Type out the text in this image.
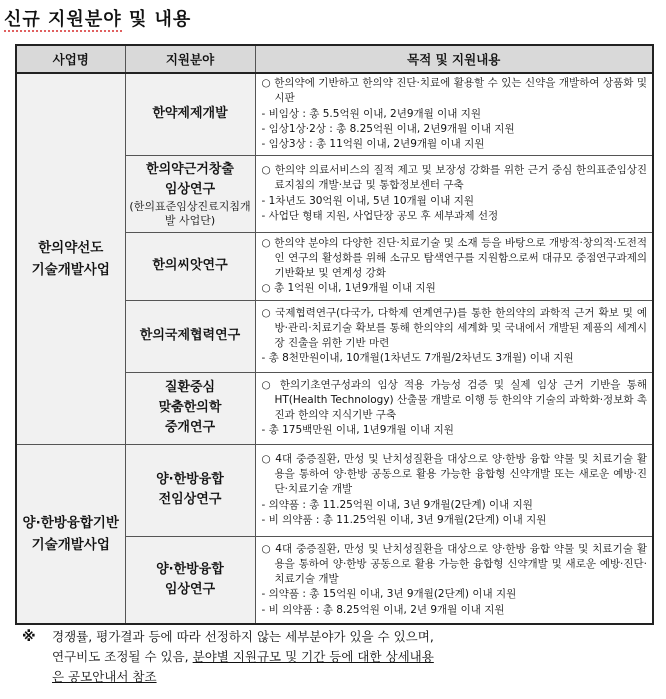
신규 지원분야 및 내용
사업명	지원분야	목적 및 지원내용

한의약선도
기술개발사업	한약제제개발	○ 한의약에 기반하고 한의약 진단·치료에 활용할 수 있는 신약을 개발하여 상품화 및 시판
- 비임상 : 총 5.5억원 이내, 2년9개월 이내 지원
- 임상1상·2상 : 총 8.25억원 이내, 2년9개월 이내 지원
- 임상3상 : 총 11억원 이내, 2년9개월 이내 지원

	한의약근거창출
임상연구
(한의표준임상진료지침개발 사업단)	○ 한의약 의료서비스의 질적 제고 및 보장성 강화를 위한 근거 중심 한의표준임상진료지침의 개발·보급 및 통합정보센터 구축
- 1차년도 30억원 이내, 5년 10개월 이내 지원
- 사업단 형태 지원, 사업단장 공모 후 세부과제 선정

	한의씨앗연구	○ 한의약 분야의 다양한 진단·치료기술 및 소재 등을 바탕으로 개방적·창의적·도전적인 연구의 활성화를 위해 소규모 탐색연구를 지원함으로써 대규모 중점연구과제의 기반확보 및 연계성 강화
○ 총 1억원 이내, 1년9개월 이내 지원

	한의국제협력연구	○ 국제협력연구(다국가, 다학제 연계연구)를 통한 한의약의 과학적 근거 확보 및 예방·관리·치료기술 확보를 통해 한의약의 세계화 및 국내에서 개발된 제품의 세계시장 진출을 위한 기반 마련
- 총 8천만원이내, 10개월(1차년도 7개월/2차년도 3개월) 이내 지원

	질환중심
맞춤한의학
중개연구	○ 한의기초연구성과의 임상 적용 가능성 검증 및 실제 임상 근거 기반을 통해 HT(Health Technology) 산출물 개발로 이행 등 한의약 기술의 과학화·정보화 촉진과 한의약 지식기반 구축
- 총 175백만원 이내, 1년9개월 이내 지원

양·한방융합기반
기술개발사업	양·한방융합
전임상연구	○ 4대 중증질환, 만성 및 난치성질환을 대상으로 양·한방 융합 약물 및 치료기술 활용을 통하여 양·한방 공동으로 활용 가능한 융합형 신약개발 또는 새로운 예방·진단·치료기술 개발
- 의약품 : 총 11.25억원 이내, 3년 9개월(2단계) 이내 지원
- 비 의약품 : 총 11.25억원 이내, 3년 9개월(2단계) 이내 지원

	양·한방융합
임상연구	○ 4대 중증질환, 만성 및 난치성질환을 대상으로 양·한방 융합 약물 및 치료기술 활용을 통하여 양·한방 공동으로 활용 가능한 융합형 신약개발 및 새로운 예방·진단·치료기술 개발
- 의약품 : 총 15억원 이내, 3년 9개월(2단계) 이내 지원
- 비 의약품 : 총 8.25억원 이내, 2년 9개월 이내 지원
※	경쟁률, 평가결과 등에 따라 선정하지 않는 세부분야가 있을 수 있으며,
연구비도 조정될 수 있음, 분야별 지원규모 및 기간 등에 대한 상세내용
은 공모안내서 참조
